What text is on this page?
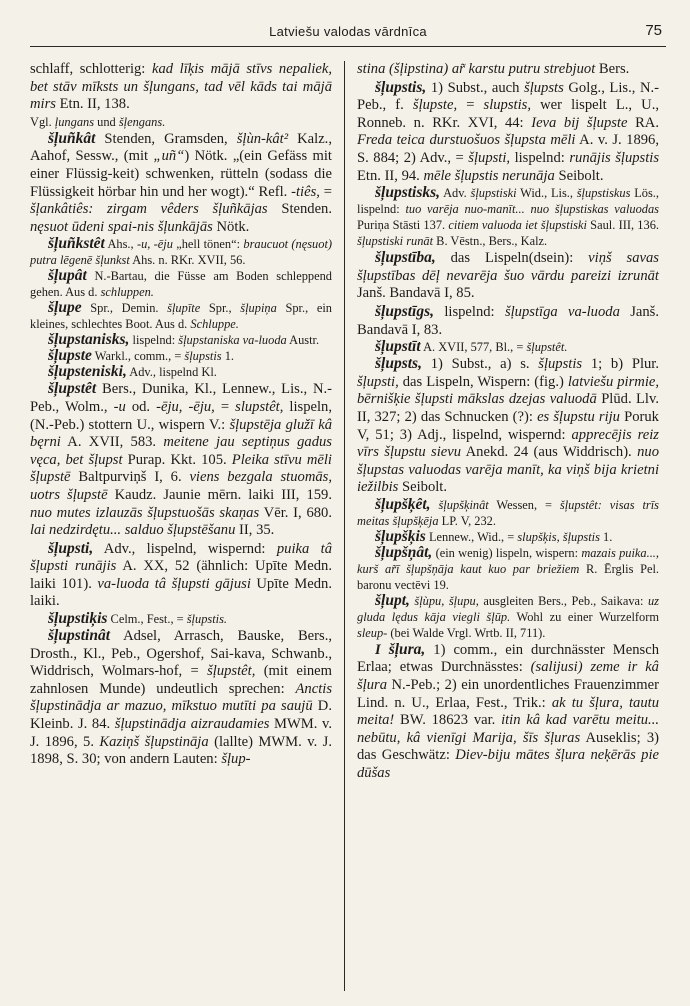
Latviešu valodas vārdnīca	75

schlaff, schlotterig: kad līķis mājā stīvs nepaliek, bet stāv mīksts un šļungans, tad vēl kāds tai mājā mirs Etn. II, 138.

Vgl. ļungans und šļengans.

šļuñkât Stenden, Gramsden, šļùn-kât² Kalz., Aahof, Sessw., (mit „uñ“) Nötk. „(ein Gefäss mit einer Flüssig-keit) schwenken, rütteln (sodass die Flüssigkeit hörbar hin und her wogt).“ Refl. -tiês, = šļankâtiês: zirgam vêders šļuñkājas Stenden. nęsuot ūdeni spai-nis šļunkājās Nötk.

šļuñkstêt Ahs., -u, -ēju „hell tönen“: braucuot (nęsuot) putra lēgenē šļunkst Ahs. n. RKr. XVII, 56.

šļupât N.-Bartau, die Füsse am Boden schleppend gehen. Aus d. schluppen.

šļupe Spr., Demin. šļupīte Spr., šļupiņa Spr., ein kleines, schlechtes Boot. Aus d. Schluppe.

šļupstanisks, lispelnd: šļupstaniska va-luoda Austr.

šļupste Warkl., comm., = šļupstis 1.

šļupsteniski, Adv., lispelnd Kl.

šļupstêt Bers., Dunika, Kl., Lennew., Lis., N.-Peb., Wolm., -u od. -ēju, -ēju, = slupstêt, lispeln, (N.-Peb.) stottern U., wispern V.: šļupstēja glužī kâ bęrni A. XVII, 583. meitene jau septiņus gadus vęca, bet šļupst Purap. Kkt. 105. Pleika stīvu mēli šļupstē Baltpurviņš I, 6. viens bezgala stuomās, uotrs šļupstē Kaudz. Jaunie mērn. laiki III, 159. nuo mutes izlauzās šļupstuošās skaņas Vēr. I, 680. lai nedzirdętu... salduo šļupstēšanu II, 35.

šļupsti, Adv., lispelnd, wispernd: puika tâ šļupsti runājis A. XX, 52 (ähnlich: Upīte Medn. laiki 101). va-luoda tâ šļupsti gājusi Upīte Medn. laiki.

šļupstiķis Celm., Fest., = šļupstis.

šļupstinât Adsel, Arrasch, Bauske, Bers., Drosth., Kl., Peb., Ogershof, Sai-kava, Schwanb., Widdrisch, Wolmars-hof, = šļupstêt, (mit einem zahnlosen Munde) undeutlich sprechen: Anctis šļupstinādja ar mazuo, mīkstuo mutīti pa saujū D. Kleinb. J. 84. šļupstinādja aizraudamies MWM. v. J. 1896, 5. Kaziņš šļupstināja (lallte) MWM. v. J. 1898, S. 30; von andern Lauten: šļup-

stina (šļipstina) ar̃ karstu putru strebjuot Bers.

šļupstis, 1) Subst., auch šļupsts Golg., Lis., N.-Peb., f. šļupste, = slupstis, wer lispelt L., U., Ronneb. n. RKr. XVI, 44: Ieva bij šļupste RA. Freda teica durstuošuos šļupsta mēli A. v. J. 1896, S. 884; 2) Adv., = šļupsti, lispelnd: runājis šļupstis Etn. II, 94. mēle šļupstis nerunāja Seibolt.

šļupstisks, Adv. šļupstiski Wid., Lis., šļupstiskus Lös., lispelnd: tuo varēja nuo-manīt... nuo šļupstiskas valuodas Puriņa Stāsti 137. citiem valuoda iet šļupstiski Saul. III, 136. šļupstiski runāt B. Vēstn., Bers., Kalz.

šļupstība, das Lispeln(dsein): viņš savas šļupstības dēļ nevarēja šuo vārdu pareizi izrunāt Janš. Bandavā I, 85.

šļupstīgs, lispelnd: šļupstīga va-luoda Janš. Bandavā I, 83.

šļupstīt A. XVII, 577, Bl., = šļupstêt.

šļupsts, 1) Subst., a) s. šļupstis 1; b) Plur. šļupsti, das Lispeln, Wispern: (fig.) latviešu pirmie, bērnišķie šļupsti mākslas dzejas valuodā Plūd. Llv. II, 327; 2) das Schnucken (?): es šļupstu riju Poruk V, 51; 3) Adj., lispelnd, wispernd: apprecējis reiz vīrs šļupstu sievu Anekd. 24 (aus Widdrisch). nuo šļupstas valuodas varēja manīt, ka viņš bija krietni iežilbis Seibolt.

šļupšķêt, šļupšķinât Wessen, = šļupstêt: visas trīs meitas šļupšķēja LP. V, 232.

šļupšķis Lennew., Wid., = slupšķis, šļupstis 1.

šļupšņât, (ein wenig) lispeln, wispern: mazais puika..., kurš ar̃ī šļupšņāja kaut kuo par briežiem R. Ērglis Pel. baronu vectēvi 19.

šļupt, šļùpu, šļupu, ausgleiten Bers., Peb., Saikava: uz gluda lędus kāja viegli šļūp. Wohl zu einer Wurzelform sleup- (bei Walde Vrgl. Wrtb. II, 711).

I šļura, 1) comm., ein durchnässter Mensch Erlaa; etwas Durchnässtes: (salijusi) zeme ir kâ šļura N.-Peb.; 2) ein unordentliches Frauenzimmer Lind. n. U., Erlaa, Fest., Trik.: ak tu šļura, tautu meita! BW. 18623 var. itin kâ kad varētu meitu... nebūtu, kâ vienīgi Marija, šīs šļuras Auseklis; 3) das Geschwätz: Diev-biju mātes šļura neķērās pie dūšas
